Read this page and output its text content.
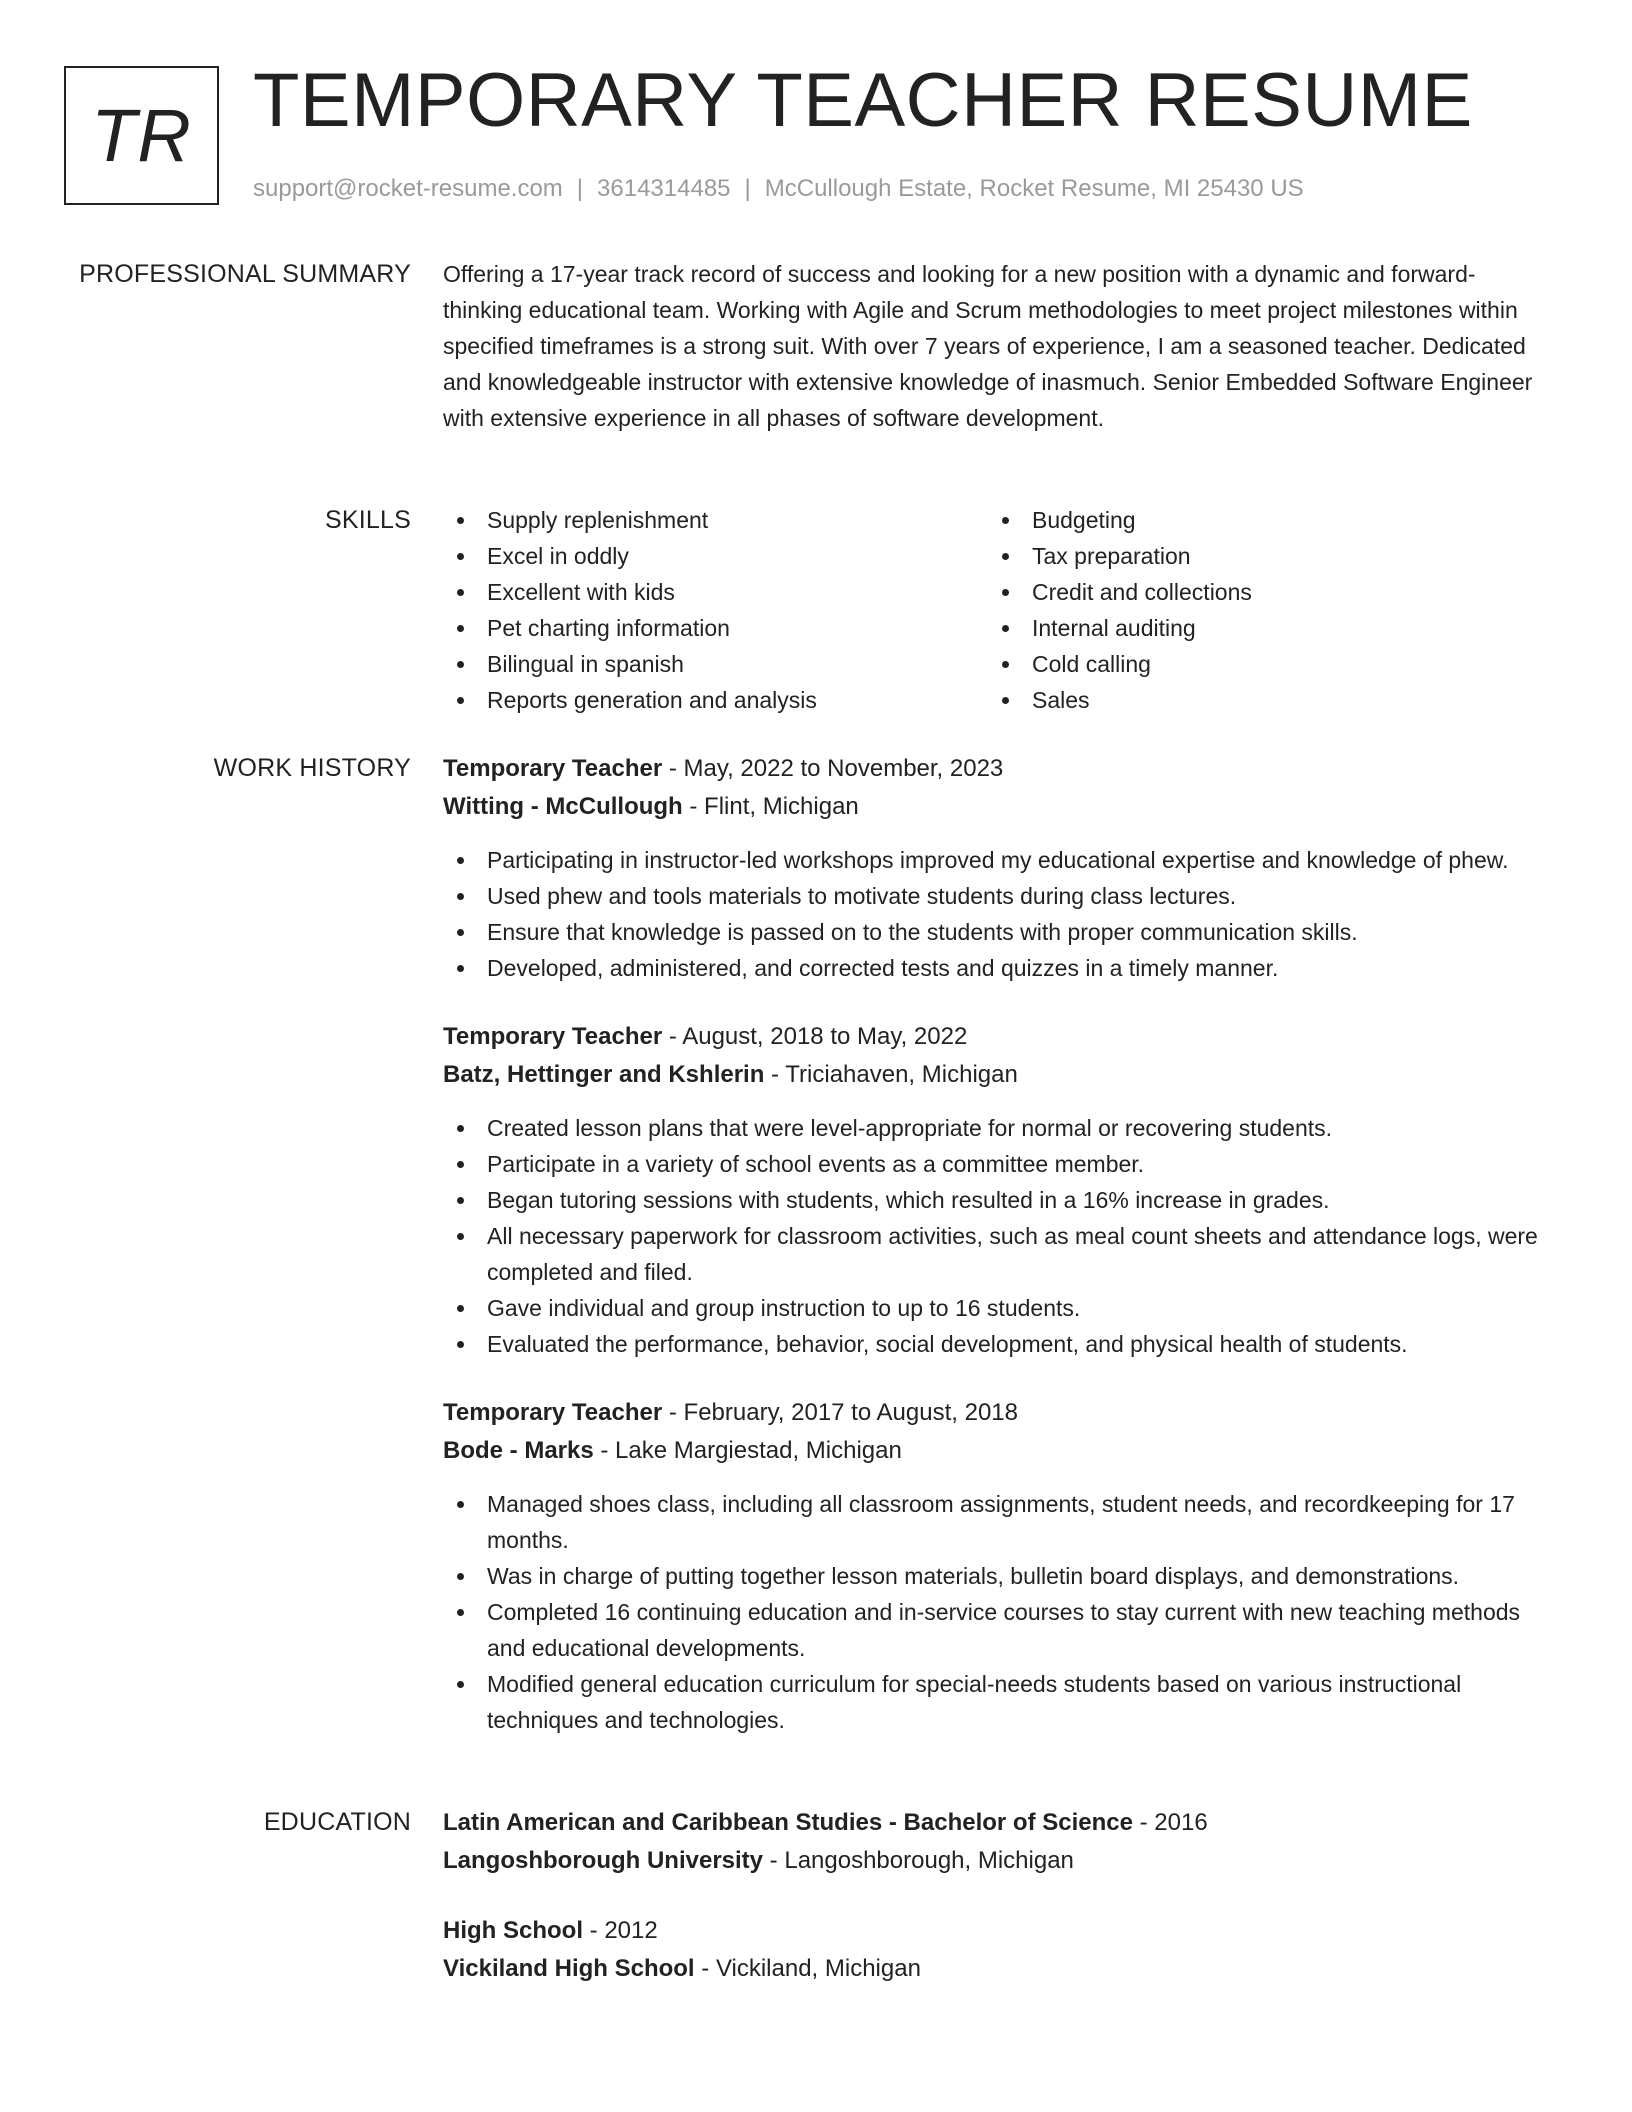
TR TEMPORARY TEACHER RESUME
support@rocket-resume.com | 3614314485 | McCullough Estate, Rocket Resume, MI 25430 US
PROFESSIONAL SUMMARY Offering a 17-year track record of success and looking for a new position with a dynamic and forward-thinking educational team. Working with Agile and Scrum methodologies to meet project milestones within specified timeframes is a strong suit. With over 7 years of experience, I am a seasoned teacher. Dedicated and knowledgeable instructor with extensive knowledge of inasmuch. Senior Embedded Software Engineer with extensive experience in all phases of software development.

SKILLS	Supply replenishment
Excel in oddly
Excellent with kids
Pet charting information
Bilingual in spanish
Reports generation and analysis
Budgeting
Tax preparation
Credit and collections
Internal auditing
Cold calling
Sales
WORK HISTORY Temporary Teacher - May, 2022 to November, 2023
Witting - McCullough - Flint, Michigan
Participating in instructor-led workshops improved my educational expertise and knowledge of phew.
Used phew and tools materials to motivate students during class lectures.
Ensure that knowledge is passed on to the students with proper communication skills.
Developed, administered, and corrected tests and quizzes in a timely manner.
Temporary Teacher - August, 2018 to May, 2022
Batz, Hettinger and Kshlerin - Triciahaven, Michigan
Created lesson plans that were level-appropriate for normal or recovering students.
Participate in a variety of school events as a committee member.
Began tutoring sessions with students, which resulted in a 16% increase in grades.
All necessary paperwork for classroom activities, such as meal count sheets and attendance logs, were completed and filed.
Gave individual and group instruction to up to 16 students.
Evaluated the performance, behavior, social development, and physical health of students.
Temporary Teacher - February, 2017 to August, 2018
Bode - Marks - Lake Margiestad, Michigan
Managed shoes class, including all classroom assignments, student needs, and recordkeeping for 17 months.
Was in charge of putting together lesson materials, bulletin board displays, and demonstrations.
Completed 16 continuing education and in-service courses to stay current with new teaching methods and educational developments.
Modified general education curriculum for special-needs students based on various instructional techniques and technologies.
EDUCATION Latin American and Caribbean Studies - Bachelor of Science - 2016
Langoshborough University - Langoshborough, Michigan
High School - 2012
Vickiland High School - Vickiland, Michigan
